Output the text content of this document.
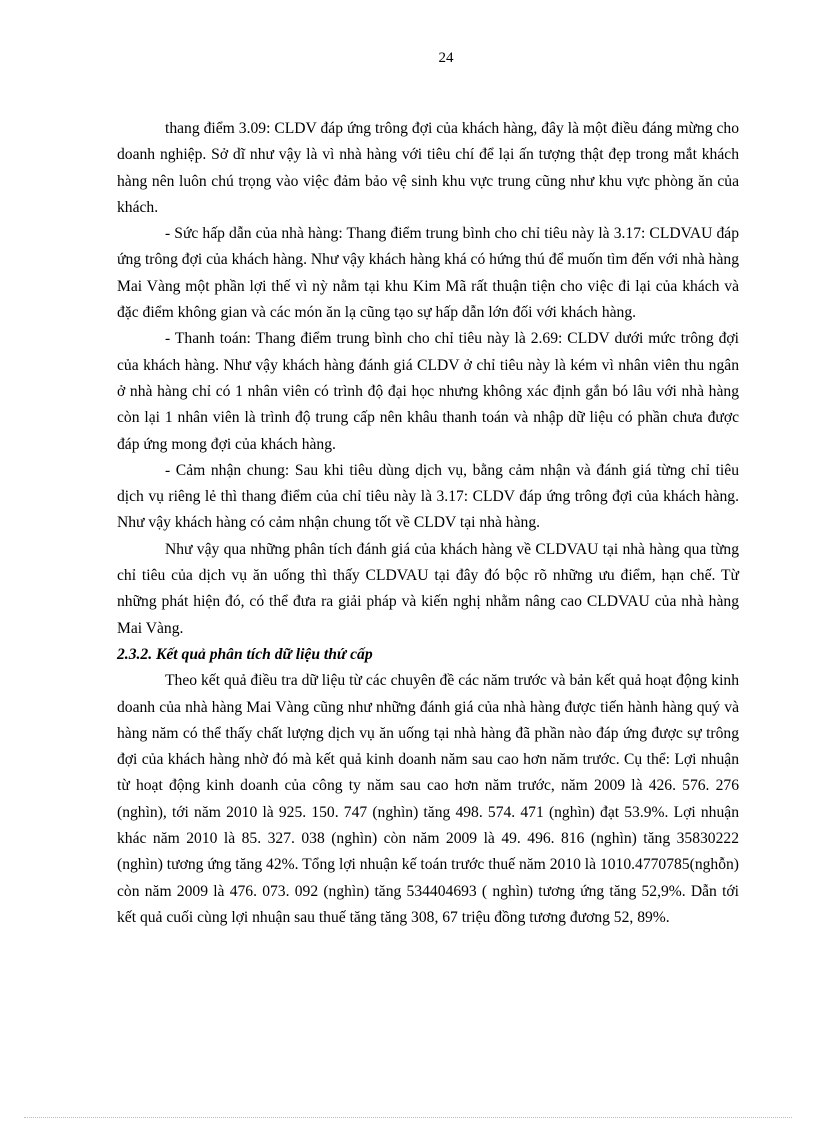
24

thang điểm 3.09: CLDV đáp ứng trông đợi của khách hàng, đây là một điều đáng mừng cho doanh nghiệp. Sở dĩ như vậy là vì nhà hàng với tiêu chí để lại ấn tượng thật đẹp trong mắt khách hàng nên luôn chú trọng vào việc đảm bảo vệ sinh khu vực trung cũng như khu vực phòng ăn của khách.

- Sức hấp dẫn của nhà hàng: Thang điểm trung bình cho chỉ tiêu này là 3.17: CLDVAU đáp ứng trông đợi của khách hàng. Như vậy khách hàng khá có hứng thú để muốn tìm đến với nhà hàng Mai Vàng một phần lợi thế vì nỳ nằm tại khu Kim Mã rất thuận tiện cho việc đi lại của khách và đặc điểm không gian và các món ăn lạ cũng tạo sự hấp dẫn lớn đối với khách hàng.

- Thanh toán: Thang điểm trung bình cho chỉ tiêu này là 2.69: CLDV dưới mức trông đợi của khách hàng. Như vậy khách hàng đánh giá CLDV ở chỉ tiêu này là kém vì nhân viên thu ngân ở nhà hàng chỉ có 1 nhân viên có trình độ đại học nhưng không xác định gắn bó lâu với nhà hàng còn lại 1 nhân viên là trình độ trung cấp nên khâu thanh toán và nhập dữ liệu có phần chưa được đáp ứng mong đợi của khách hàng.

- Cảm nhận chung: Sau khi tiêu dùng dịch vụ, bằng cảm nhận và đánh giá từng chỉ tiêu dịch vụ riêng lẻ thì thang điểm của chỉ tiêu này là 3.17: CLDV đáp ứng trông đợi của khách hàng. Như vậy khách hàng có cảm nhận chung tốt về CLDV tại nhà hàng.

Như vậy qua những phân tích đánh giá của khách hàng về CLDVAU tại nhà hàng qua từng chỉ tiêu của dịch vụ ăn uống thì thấy CLDVAU tại đây đó bộc rõ những ưu điểm, hạn chế. Từ những phát hiện đó, có thể đưa ra giải pháp và kiến nghị nhằm nâng cao CLDVAU của nhà hàng Mai Vàng.

2.3.2. Kết quả phân tích dữ liệu thứ cấp

Theo kết quả điều tra dữ liệu từ các chuyên đề các năm trước và bản kết quả hoạt động kinh doanh của nhà hàng Mai Vàng cũng như những đánh giá của nhà hàng được tiến hành hàng quý và hàng năm có thể thấy chất lượng dịch vụ ăn uống tại nhà hàng đã phần nào đáp ứng được sự trông đợi của khách hàng nhờ đó mà kết quả kinh doanh năm sau cao hơn năm trước. Cụ thể: Lợi nhuận từ hoạt động kinh doanh của công ty năm sau cao hơn năm trước, năm 2009 là 426. 576. 276 (nghìn), tới năm 2010 là 925. 150. 747 (nghìn) tăng 498. 574. 471 (nghìn) đạt 53.9%. Lợi nhuận khác năm 2010 là 85. 327. 038 (nghìn) còn năm 2009 là 49. 496. 816 (nghìn) tăng 35830222 (nghìn) tương ứng tăng 42%. Tổng lợi nhuận kế toán trước thuế năm 2010 là 1010.4770785(nghỗn) còn năm 2009 là 476. 073. 092 (nghìn) tăng 534404693 ( nghìn) tương ứng tăng 52,9%. Dẫn tới kết quả cuối cùng lợi nhuận sau thuế tăng tăng 308, 67 triệu đồng tương đương 52, 89%.
